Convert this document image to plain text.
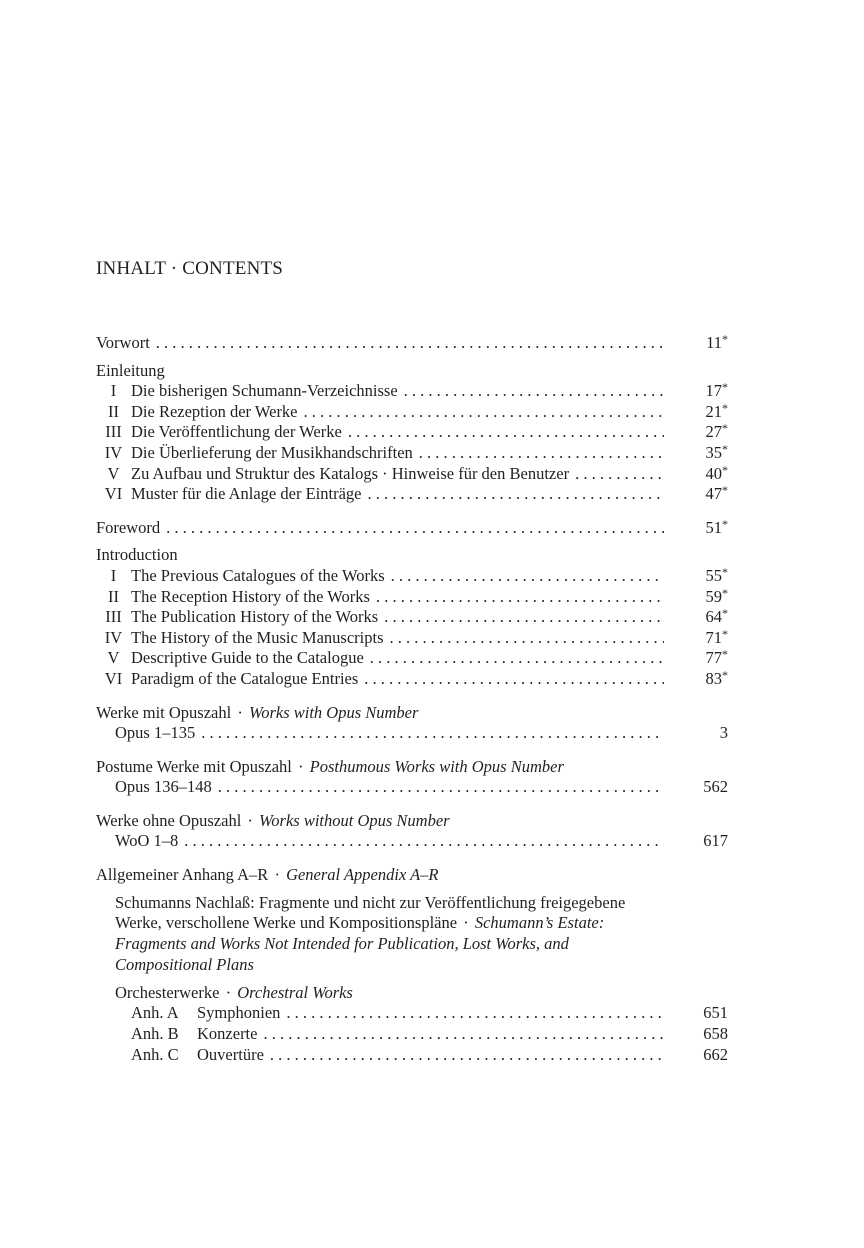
INHALT · CONTENTS
Vorwort . . .	11*
Einleitung
I Die bisherigen Schumann-Verzeichnisse . . .	17*
II Die Rezeption der Werke . . .	21*
III Die Veröffentlichung der Werke . . .	27*
IV Die Überlieferung der Musikhandschriften . . .	35*
V Zu Aufbau und Struktur des Katalogs · Hinweise für den Benutzer . . .	40*
VI Muster für die Anlage der Einträge . . .	47*
Foreword . . .	51*
Introduction
I The Previous Catalogues of the Works . . .	55*
II The Reception History of the Works . . .	59*
III The Publication History of the Works . . .	64*
IV The History of the Music Manuscripts . . .	71*
V Descriptive Guide to the Catalogue . . .	77*
VI Paradigm of the Catalogue Entries . . .	83*
Werke mit Opuszahl · Works with Opus Number
Opus 1–135 . . .	3
Postume Werke mit Opuszahl · Posthumous Works with Opus Number
Opus 136–148 . . .	562
Werke ohne Opuszahl · Works without Opus Number
WoO 1–8 . . .	617
Allgemeiner Anhang A–R · General Appendix A–R
Schumanns Nachlaß: Fragmente und nicht zur Veröffentlichung freigegebene Werke, verschollene Werke und Kompositionspläne · Schumann’s Estate: Fragments and Works Not Intended for Publication, Lost Works, and Compositional Plans
Orchesterwerke · Orchestral Works
Anh. A	Symphonien . . .	651
Anh. B	Konzerte . . .	658
Anh. C	Ouvertüre . . .	662
